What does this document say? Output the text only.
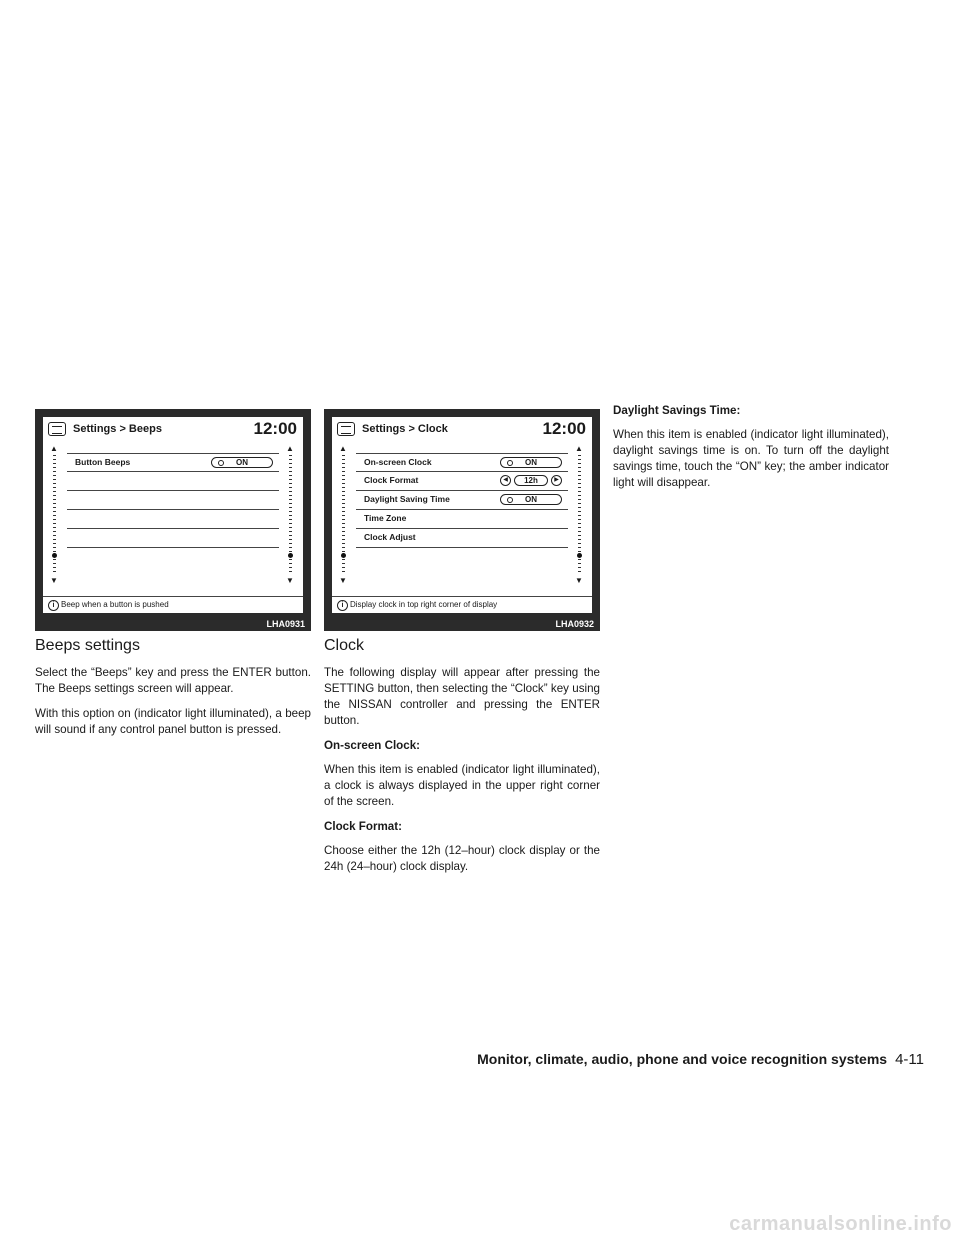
Settings > Beeps	12:00
▲
▼
▲
▼
Button Beeps	ON
i Beep when a button is pushed
LHA0931
Settings > Clock	12:00
▲
▼
▲
▼
On-screen Clock	ON
Clock Format	◀	12h	▶
Daylight Saving Time	ON
Time Zone
Clock Adjust
i Display clock in top right corner of display
LHA0932
Beeps settings

Select the “Beeps” key and press the ENTER button. The Beeps settings screen will appear.

With this option on (indicator light illuminated), a beep will sound if any control panel button is pressed.

Clock

The following display will appear after pressing the SETTING button, then selecting the “Clock” key using the NISSAN controller and pressing the ENTER button.

On-screen Clock:

When this item is enabled (indicator light illuminated), a clock is always displayed in the upper right corner of the screen.

Clock Format:

Choose either the 12h (12–hour) clock display or the 24h (24–hour) clock display.

Daylight Savings Time:

When this item is enabled (indicator light illuminated), daylight savings time is on. To turn off the daylight savings time, touch the “ON” key; the amber indicator light will disappear.

Monitor, climate, audio, phone and voice recognition systems 4-11
carmanualsonline.info
